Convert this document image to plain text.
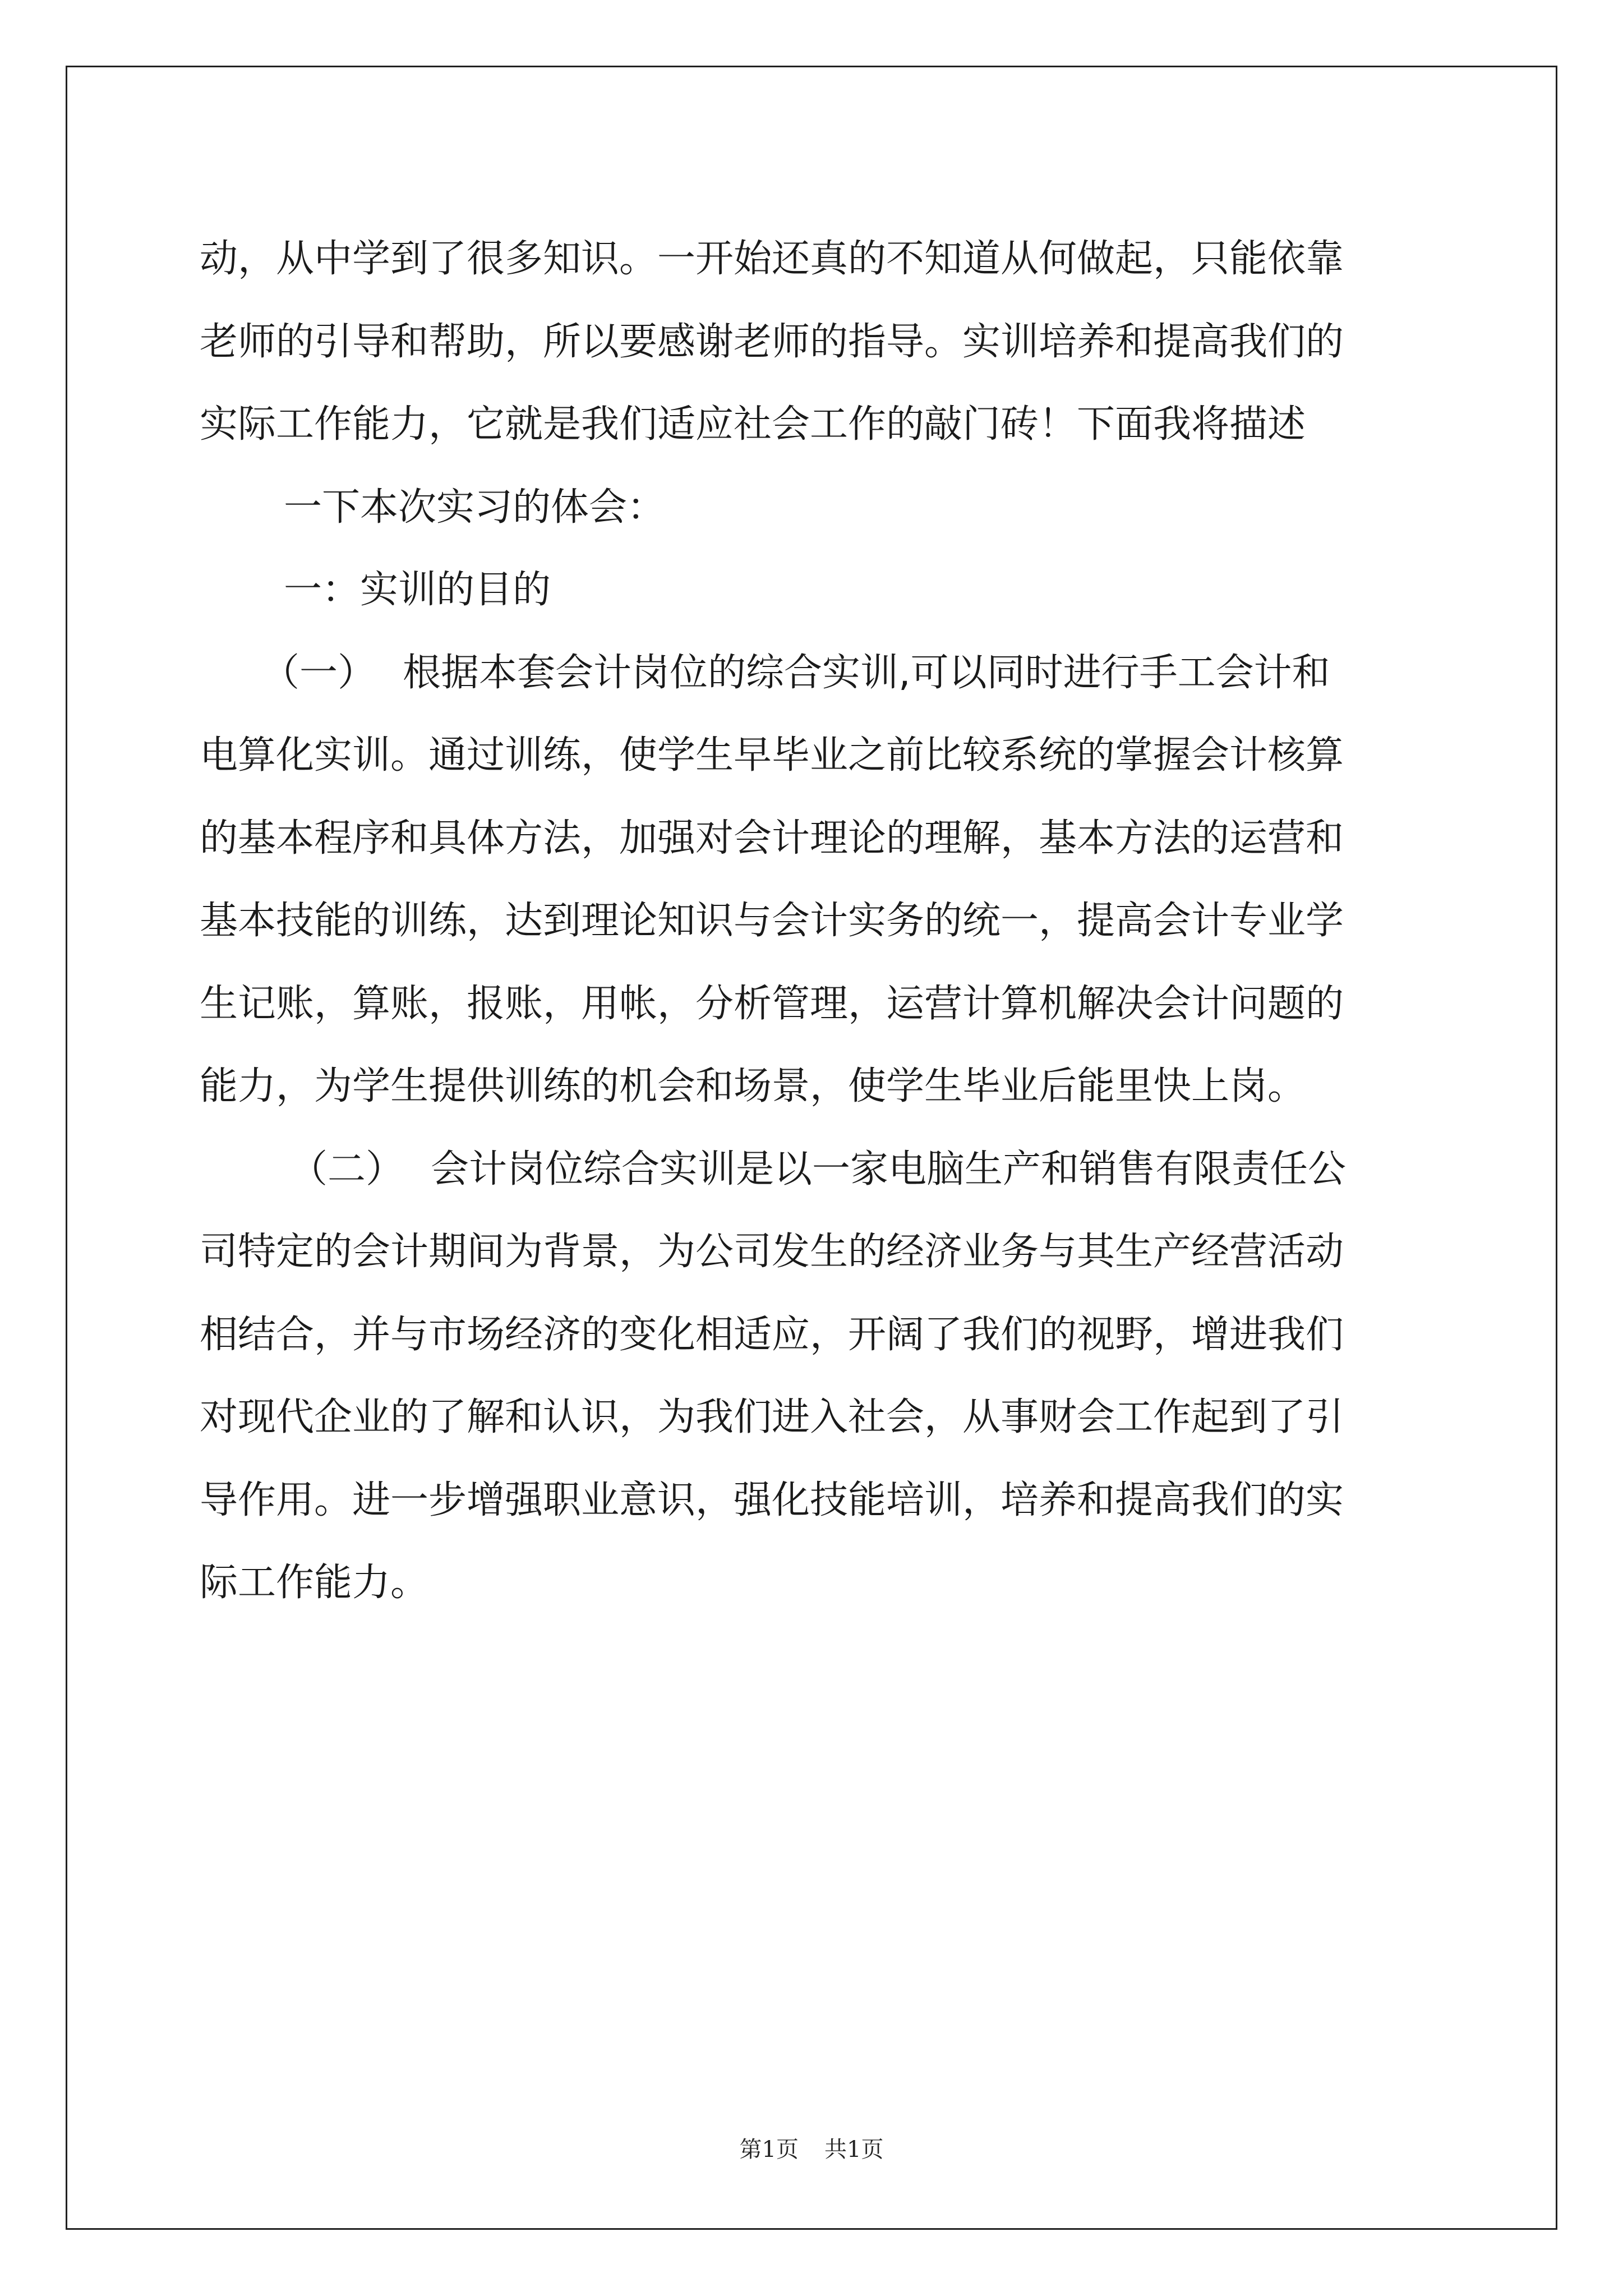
动，从中学到了很多知识。一开始还真的不知道从何做起，只能依靠
老师的引导和帮助，所以要感谢老师的指导。实训培养和提高我们的
实际工作能力，它就是我们适应社会工作的敲门砖！下面我将描述
一下本次实习的体会：
一：实训的目的
（一） 根据本套会计岗位的综合实训,可以同时进行手工会计和
电算化实训。通过训练，使学生早毕业之前比较系统的掌握会计核算
的基本程序和具体方法，加强对会计理论的理解，基本方法的运营和
基本技能的训练，达到理论知识与会计实务的统一，提高会计专业学
生记账，算账，报账，用帐，分析管理，运营计算机解决会计问题的
能力，为学生提供训练的机会和场景，使学生毕业后能里快上岗。
（二） 会计岗位综合实训是以一家电脑生产和销售有限责任公
司特定的会计期间为背景，为公司发生的经济业务与其生产经营活动
相结合，并与市场经济的变化相适应，开阔了我们的视野，增进我们
对现代企业的了解和认识，为我们进入社会，从事财会工作起到了引
导作用。进一步增强职业意识，强化技能培训，培养和提高我们的实
际工作能力。
第1页 共1页
